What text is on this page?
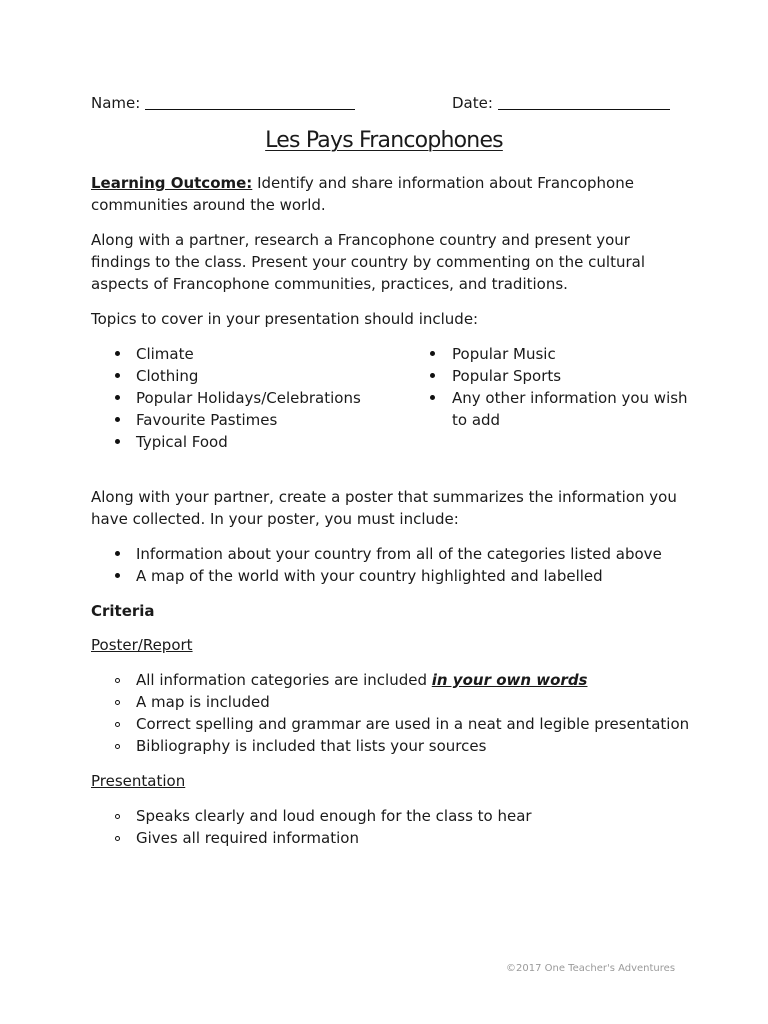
Name:	Date:
Les Pays Francophones
Learning Outcome: Identify and share information about Francophone
communities around the world.
Along with a partner, research a Francophone country and present your
findings to the class. Present your country by commenting on the cultural
aspects of Francophone communities, practices, and traditions.
Topics to cover in your presentation should include:
Climate
Clothing
Popular Holidays/Celebrations
Favourite Pastimes
Typical Food
Popular Music
Popular Sports
Any other information you wish
to add
Along with your partner, create a poster that summarizes the information you
have collected. In your poster, you must include:
Information about your country from all of the categories listed above
A map of the world with your country highlighted and labelled
Criteria
Poster/Report
All information categories are included in your own words
A map is included
Correct spelling and grammar are used in a neat and legible presentation
Bibliography is included that lists your sources
Presentation
Speaks clearly and loud enough for the class to hear
Gives all required information
©2017 One Teacher's Adventures
